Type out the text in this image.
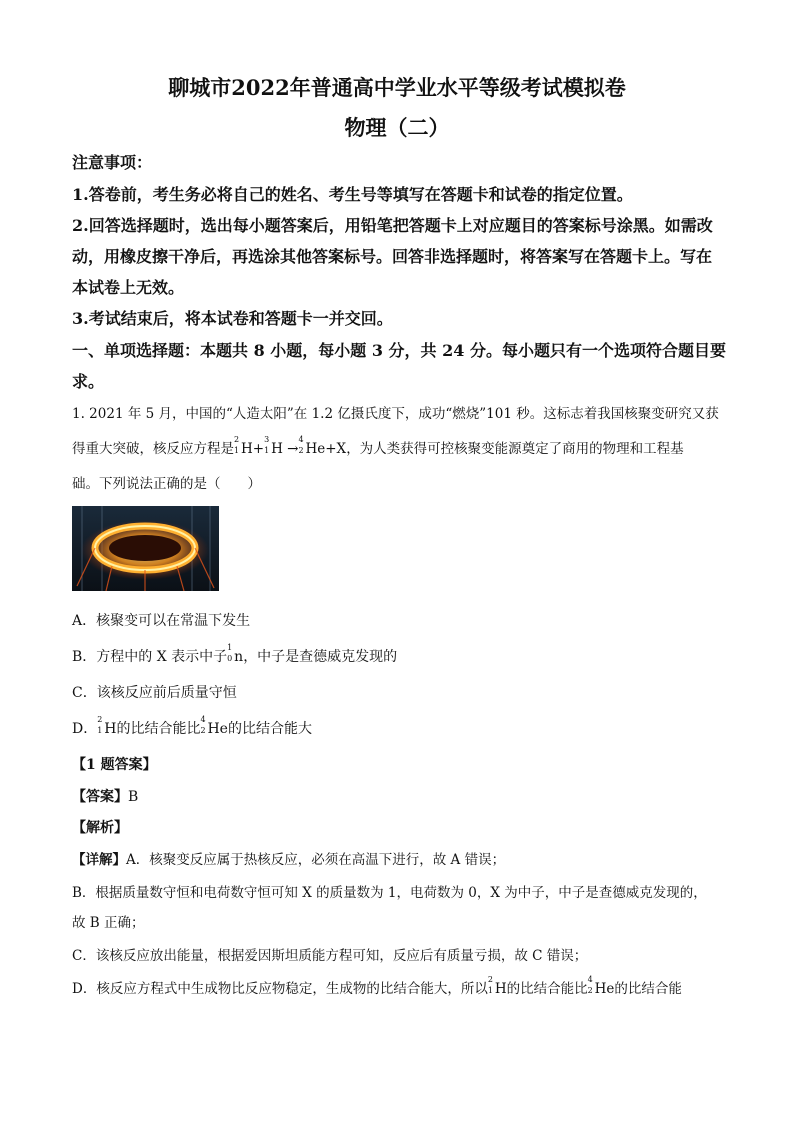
聊城市2022年普通高中学业水平等级考试模拟卷
物理（二）
注意事项：
1.答卷前，考生务必将自己的姓名、考生号等填写在答题卡和试卷的指定位置。
2.回答选择题时，选出每小题答案后，用铅笔把答题卡上对应题目的答案标号涂黑。如需改
动，用橡皮擦干净后，再选涂其他答案标号。回答非选择题时，将答案写在答题卡上。写在
本试卷上无效。
3.考试结束后，将本试卷和答题卡一并交回。
一、单项选择题：本题共 8 小题，每小题 3 分，共 24 分。每小题只有一个选项符合题目要
求。
1. 2021 年 5 月，中国的“人造太阳”在 1.2 亿摄氏度下，成功“燃烧”101 秒。这标志着我国核聚变研究又获
得重大突破，核反应方程是
2
1 H+
3
1 H →
4
2 He+X，为人类获得可控核聚变能源奠定了商用的物理和工程基
础。下列说法正确的是（　　）
A．核聚变可以在常温下发生
B．方程中的 X 表示中子
1
0 n，中子是查德威克发现的
C．该核反应前后质量守恒
D．
2
1 H的比结合能比
4
2 He的比结合能大
【1 题答案】
【答案】B
【解析】
【详解】A．核聚变反应属于热核反应，必须在高温下进行，故 A 错误；
B．根据质量数守恒和电荷数守恒可知 X 的质量数为 1，电荷数为 0，X 为中子，中子是查德威克发现的，
故 B 正确；
C．该核反应放出能量，根据爱因斯坦质能方程可知，反应后有质量亏损，故 C 错误；
D．核反应方程式中生成物比反应物稳定，生成物的比结合能大，所以
2
1 H的比结合能比
4
2 He的比结合能
